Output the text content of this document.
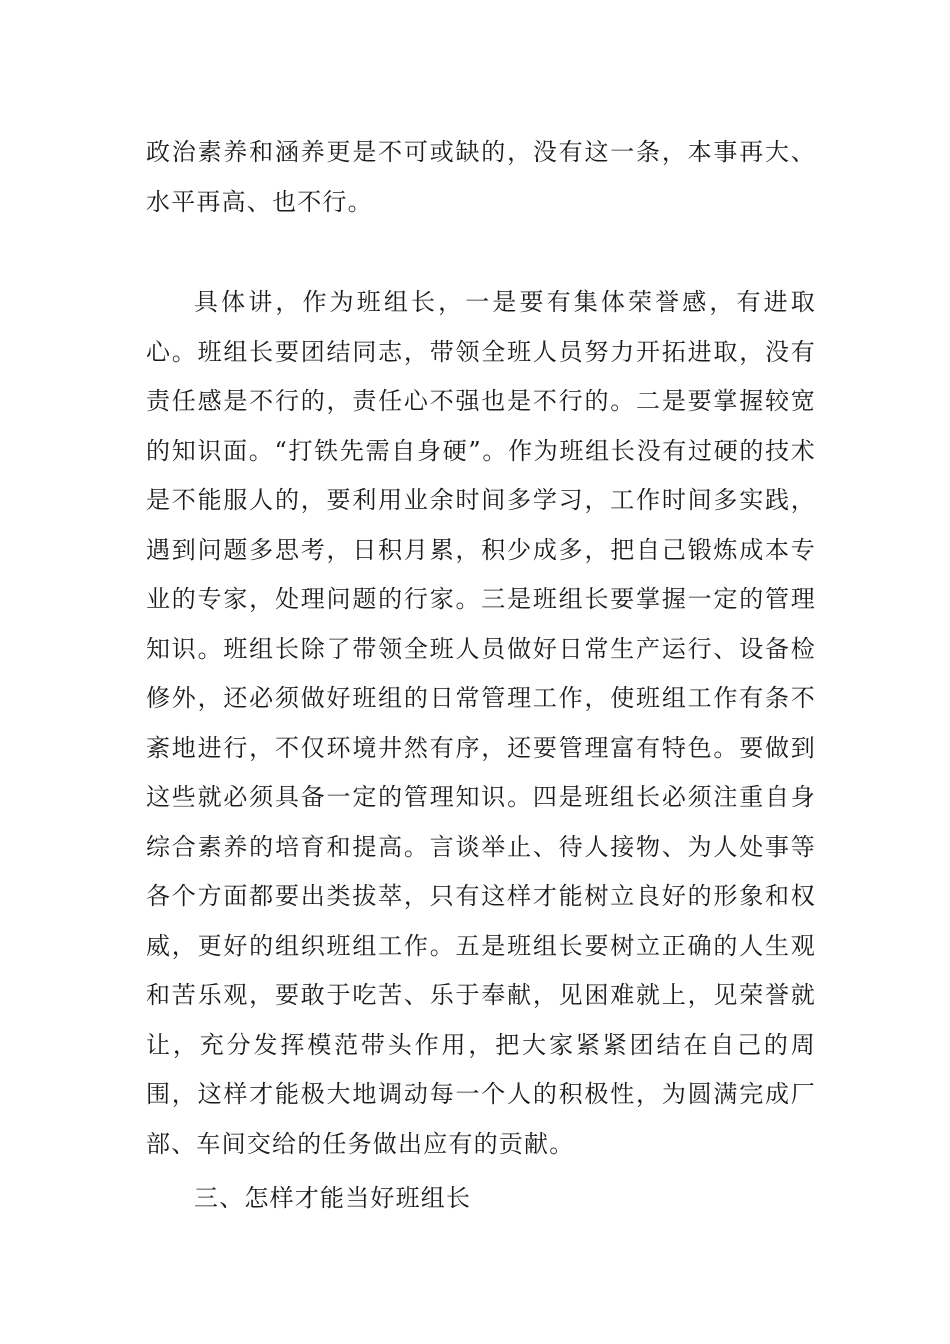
政治素养和涵养更是不可或缺的，没有这一条，本事再大、水平再高、也不行。

具体讲，作为班组长，一是要有集体荣誉感，有进取心。班组长要团结同志，带领全班人员努力开拓进取，没有责任感是不行的，责任心不强也是不行的。二是要掌握较宽的知识面。“打铁先需自身硬”。作为班组长没有过硬的技术是不能服人的，要利用业余时间多学习，工作时间多实践，遇到问题多思考，日积月累，积少成多，把自己锻炼成本专业的专家，处理问题的行家。三是班组长要掌握一定的管理知识。班组长除了带领全班人员做好日常生产运行、设备检修外，还必须做好班组的日常管理工作，使班组工作有条不紊地进行，不仅环境井然有序，还要管理富有特色。要做到这些就必须具备一定的管理知识。四是班组长必须注重自身综合素养的培育和提高。言谈举止、待人接物、为人处事等各个方面都要出类拔萃，只有这样才能树立良好的形象和权威，更好的组织班组工作。五是班组长要树立正确的人生观和苦乐观，要敢于吃苦、乐于奉献，见困难就上，见荣誉就让，充分发挥模范带头作用，把大家紧紧团结在自己的周围，这样才能极大地调动每一个人的积极性，为圆满完成厂部、车间交给的任务做出应有的贡献。

三、怎样才能当好班组长
